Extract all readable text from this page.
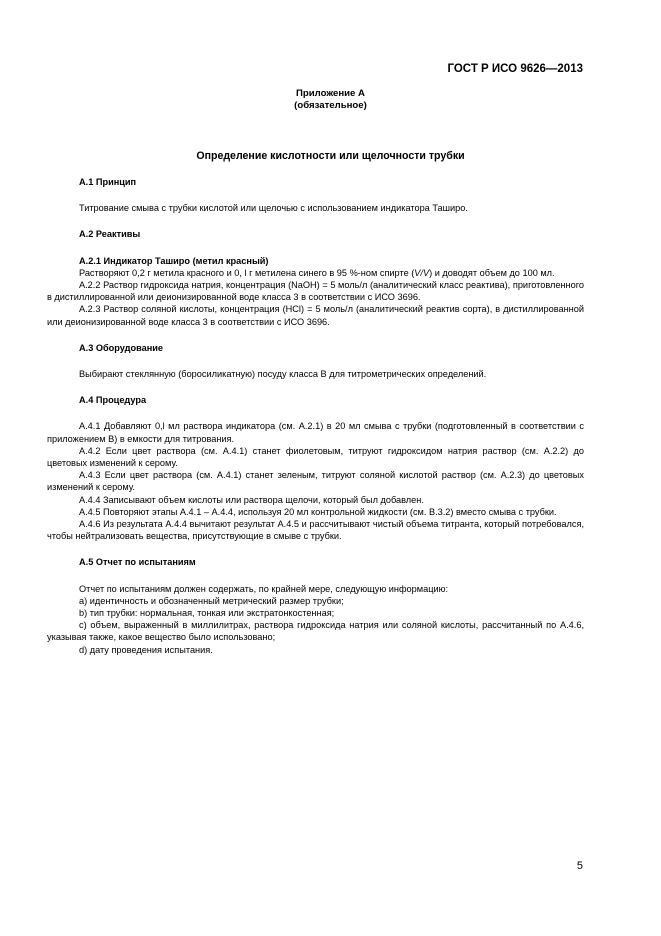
ГОСТ Р ИСО 9626—2013
Приложение А
(обязательное)
Определение кислотности или щелочности трубки

А.1 Принцип

Титрование смыва с трубки кислотой или щелочью с использованием индикатора Таширо.

А.2 Реактивы

А.2.1 Индикатор Таширо (метил красный)

Растворяют 0,2 г метила красного и 0, l г метилена синего в 95 %-ном спирте (V/V) и доводят объем до 100 мл.

А.2.2 Раствор гидроксида натрия, концентрация (NaOH) = 5 моль/л (аналитический класс реактива), приготовленного в дистиллированной или деионизированной воде класса 3 в соответствии с ИСО 3696.

А.2.3 Раствор соляной кислоты, концентрация (HCl) = 5 моль/л (аналитический реактив сорта), в дистиллированной или деионизированной воде класса 3 в соответствии с ИСО 3696.

А.3 Оборудование

Выбирают стеклянную (боросиликатную) посуду класса В для титрометрических определений.

А.4 Процедура

А.4.1 Добавляют 0,l мл раствора индикатора (см. А.2.1) в 20 мл смыва с трубки (подготовленный в соответствии с приложением В) в емкости для титрования.

А.4.2 Если цвет раствора (см. А.4.1) станет фиолетовым, титруют гидроксидом натрия раствор (см. А.2.2) до цветовых изменений к серому.

А.4.3 Если цвет раствора (см. А.4.1) станет зеленым, титруют соляной кислотой раствор (см. А.2.3) до цветовых изменений к серому.

А.4.4 Записывают объем кислоты или раствора щелочи, который был добавлен.

А.4.5 Повторяют этапы А.4.1 – А.4.4, используя 20 мл контрольной жидкости (см. В.3.2) вместо смыва с трубки.

А.4.6 Из результата А.4.4 вычитают результат А.4.5 и рассчитывают чистый объема титранта, который потребовался, чтобы нейтрализовать вещества, присутствующие в смыве с трубки.

А.5 Отчет по испытаниям

Отчет по испытаниям должен содержать, по крайней мере, следующую информацию:

а) идентичность и обозначенный метрический размер трубки;

b) тип трубки: нормальная, тонкая или экстратонкостенная;

с) объем, выраженный в миллилитрах, раствора гидроксида натрия или соляной кислоты, рассчитанный по А.4.6, указывая также, какое вещество было использовано;

d) дату проведения испытания.

5
